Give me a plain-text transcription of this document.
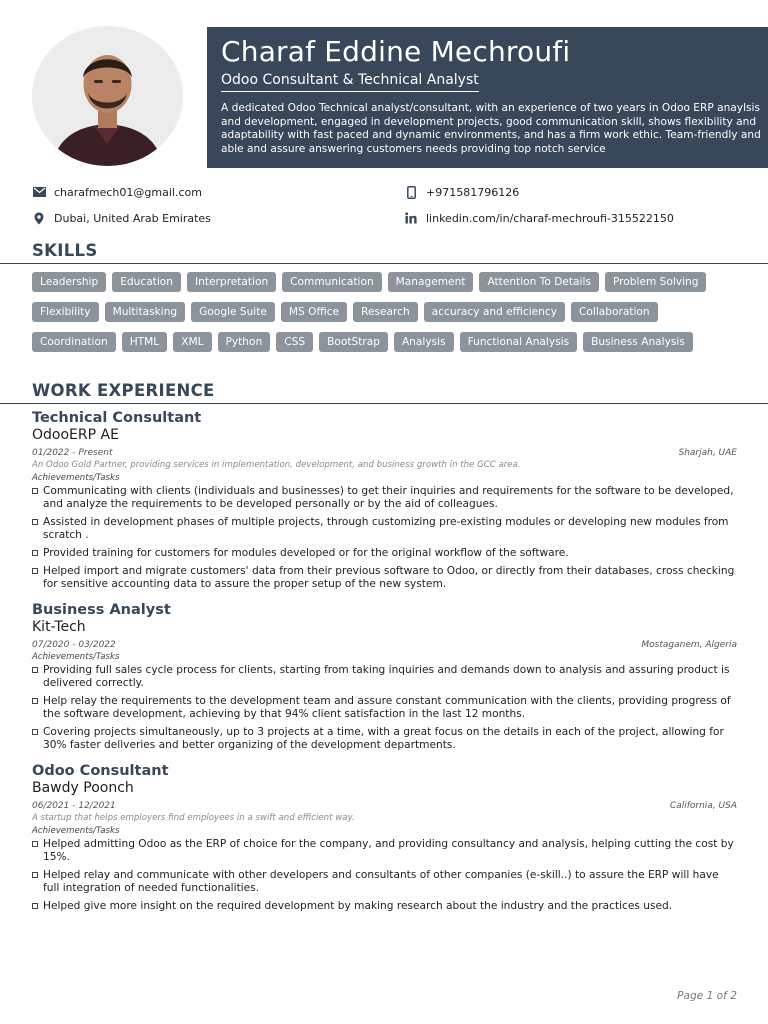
Charaf Eddine Mechroufi
Odoo Consultant & Technical Analyst
A dedicated Odoo Technical analyst/consultant, with an experience of two years in Odoo ERP anaylsis and development, engaged in development projects, good communication skill, shows flexibility and adaptability with fast paced and dynamic environments, and has a firm work ethic. Team-friendly and able and assure answering customers needs providing top notch service
charafmech01@gmail.com	+971581796126
Dubai, United Arab Emirates	linkedin.com/in/charaf-mechroufi-315522150
SKILLS
Leadership	Education	Interpretation	Communication	Management	Attention To Details	Problem Solving
Flexibility	Multitasking	Google Suite	MS Office	Research	accuracy and efficiency	Collaboration
Coordination	HTML	XML	Python	CSS	BootStrap	Analysis	Functional Analysis	Business Analysis
WORK EXPERIENCE
Technical Consultant
OdooERP AE
01/2022 - Present	Sharjah, UAE
An Odoo Gold Partner, providing services in implementation, development, and business growth in the GCC area.
Achievements/Tasks
Communicating with clients (individuals and businesses) to get their inquiries and requirements for the software to be developed, and analyze the requirements to be developed personally or by the aid of colleagues.
Assisted in development phases of multiple projects, through customizing pre-existing modules or developing new modules from scratch .
Provided training for customers for modules developed or for the original workflow of the software.
Helped import and migrate customers' data from their previous software to Odoo, or directly from their databases, cross checking for sensitive accounting data to assure the proper setup of the new system.
Business Analyst
Kit-Tech
07/2020 - 03/2022	Mostaganem, Algeria
Achievements/Tasks
Providing full sales cycle process for clients, starting from taking inquiries and demands down to analysis and assuring product is delivered correctly.
Help relay the requirements to the development team and assure constant communication with the clients, providing progress of the software development, achieving by that 94% client satisfaction in the last 12 months.
Covering projects simultaneously, up to 3 projects at a time, with a great focus on the details in each of the project, allowing for 30% faster deliveries and better organizing of the development departments.
Odoo Consultant
Bawdy Poonch
06/2021 - 12/2021	California, USA
A startup that helps employers find employees in a swift and efficient way.
Achievements/Tasks
Helped admitting Odoo as the ERP of choice for the company, and providing consultancy and analysis, helping cutting the cost by 15%.
Helped relay and communicate with other developers and consultants of other companies (e-skill..) to assure the ERP will have full integration of needed functionalities.
Helped give more insight on the required development by making research about the industry and the practices used.
Page 1 of 2
